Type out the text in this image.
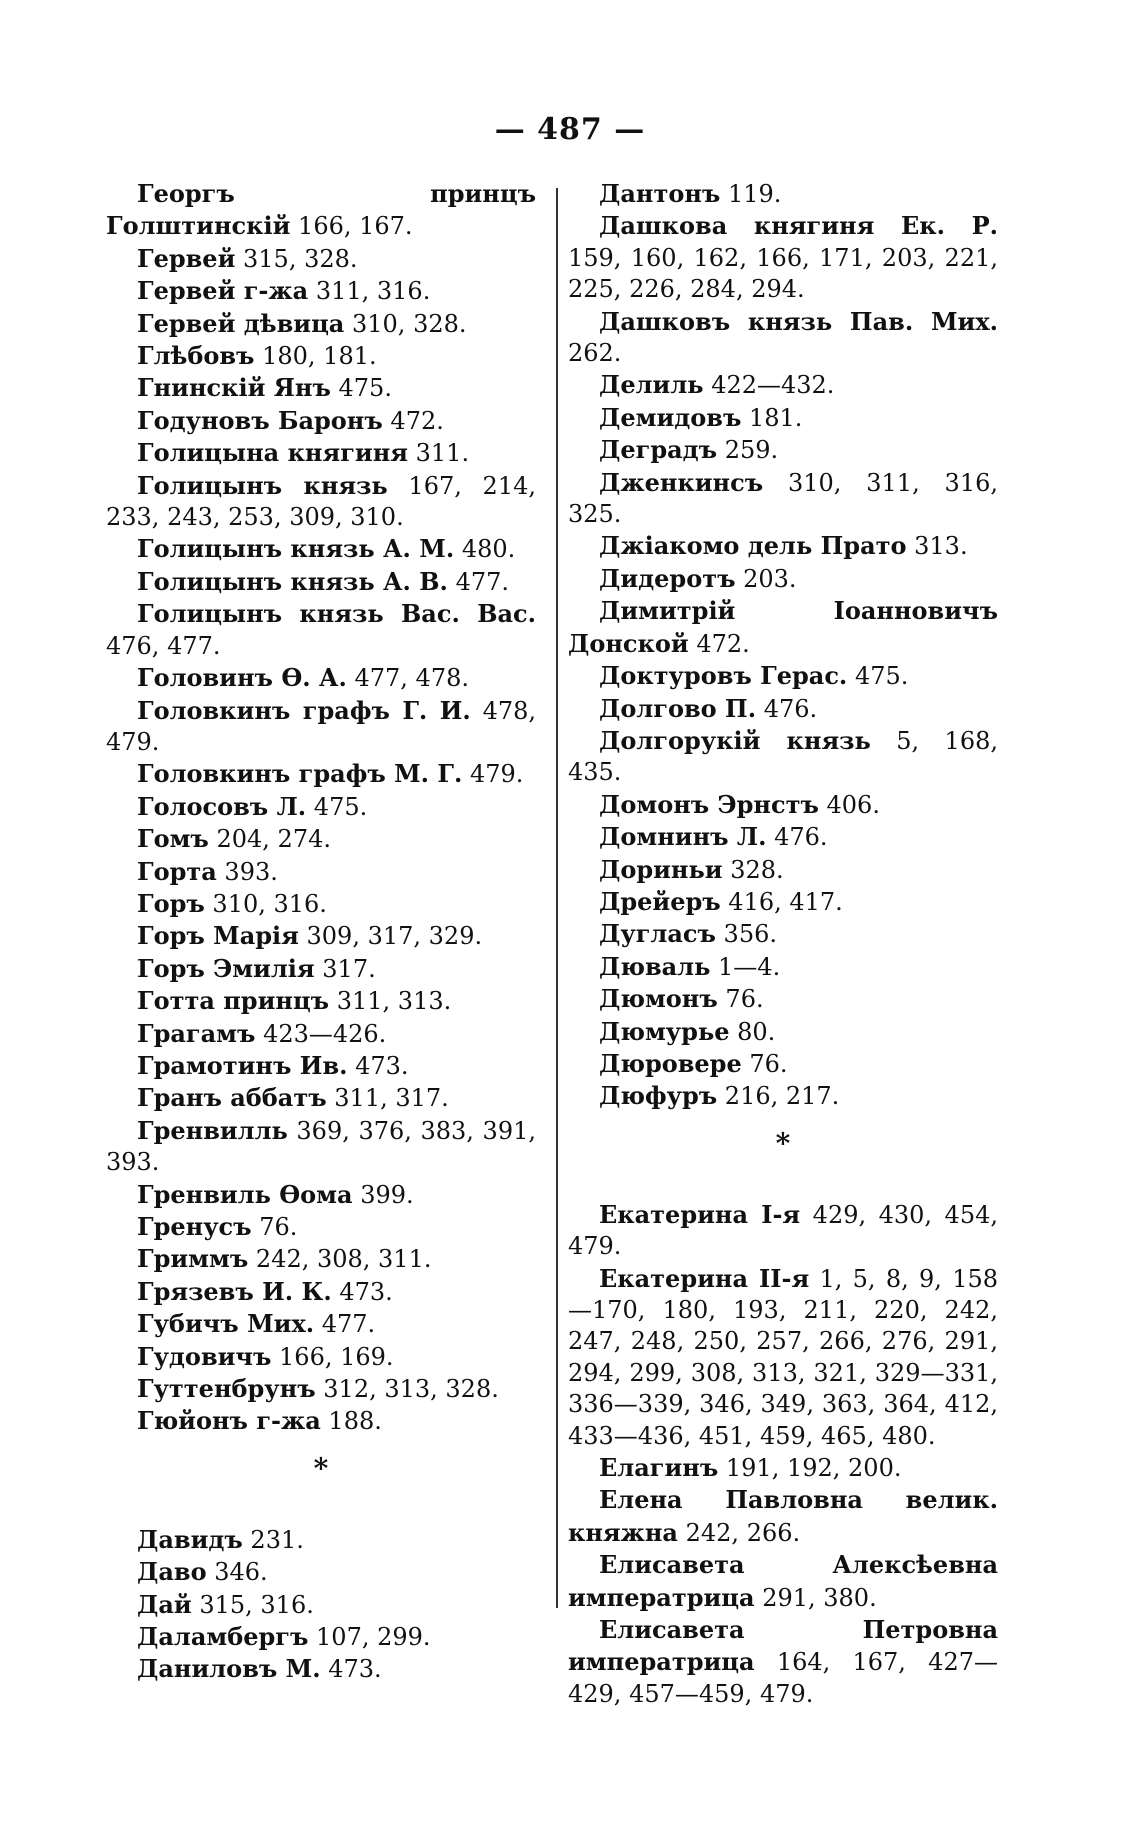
— 487 —

Георгъ принцъ Голштинскій 166, 167.

Гервей 315, 328.

Гервей г-жа 311, 316.

Гервей дѣвица 310, 328.

Глѣбовъ 180, 181.

Гнинскій Янъ 475.

Годуновъ Баронъ 472.

Голицына княгиня 311.

Голицынъ князь 167, 214, 233, 243, 253, 309, 310.

Голицынъ князь А. М. 480.

Голицынъ князь А. В. 477.

Голицынъ князь Вас. Вас. 476, 477.

Головинъ Ѳ. А. 477, 478.

Головкинъ графъ Г. И. 478, 479.

Головкинъ графъ М. Г. 479.

Голосовъ Л. 475.

Гомъ 204, 274.

Горта 393.

Горъ 310, 316.

Горъ Марія 309, 317, 329.

Горъ Эмилія 317.

Готта принцъ 311, 313.

Грагамъ 423—426.

Грамотинъ Ив. 473.

Гранъ аббатъ 311, 317.

Гренвилль 369, 376, 383, 391, 393.

Гренвиль Ѳома 399.

Гренусъ 76.

Гриммъ 242, 308, 311.

Грязевъ И. К. 473.

Губичъ Мих. 477.

Гудовичъ 166, 169.

Гуттенбрунъ 312, 313, 328.

Гюйонъ г-жа 188.

*

Давидъ 231.

Даво 346.

Дай 315, 316.

Даламбергъ 107, 299.

Даниловъ М. 473.

Дантонъ 119.

Дашкова княгиня Ек. Р. 159, 160, 162, 166, 171, 203, 221, 225, 226, 284, 294.

Дашковъ князь Пав. Мих. 262.

Делиль 422—432.

Демидовъ 181.

Деградъ 259.

Дженкинсъ 310, 311, 316, 325.

Джіакомо дель Прато 313.

Дидеротъ 203.

Димитрій Іоанновичъ Донской 472.

Доктуровъ Герас. 475.

Долгово П. 476.

Долгорукій князь 5, 168, 435.

Домонъ Эрнстъ 406.

Домнинъ Л. 476.

Дориньи 328.

Дрейеръ 416, 417.

Дугласъ 356.

Дюваль 1—4.

Дюмонъ 76.

Дюмурье 80.

Дюровере 76.

Дюфуръ 216, 217.

*

Екатерина І-я 429, 430, 454, 479.

Екатерина ІІ-я 1, 5, 8, 9, 158—170, 180, 193, 211, 220, 242, 247, 248, 250, 257, 266, 276, 291, 294, 299, 308, 313, 321, 329—331, 336—339, 346, 349, 363, 364, 412, 433—436, 451, 459, 465, 480.

Елагинъ 191, 192, 200.

Елена Павловна велик. княжна 242, 266.

Елисавета Алексѣевна императрица 291, 380.

Елисавета Петровна императрица 164, 167, 427—429, 457—459, 479.
